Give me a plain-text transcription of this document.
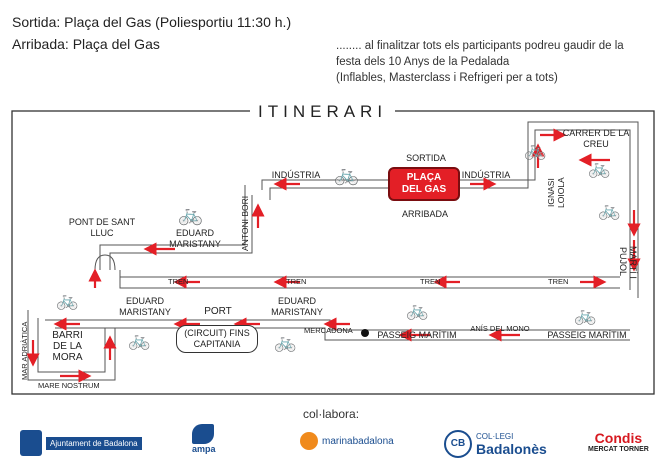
Sortida: Plaça del Gas (Poliesportiu 11:30 h.)
Arribada: Plaça del Gas	........ al finalitzar tots els participants podreu gaudir de la
festa dels 10 Anys de la Pedalada
(Inflables, Masterclass i Refrigeri per a tots)
ITINERARI
SORTIDA
PLAÇA DEL GAS
ARRIBADA
INDÚSTRIA	INDÚSTRIA
ANTONI BORI
EDUARD MARISTANY
PONT DE SANT LLUC
CARRER DE LA CREU
IGNASI LOIOLA
MARTÍ I PUJOL
TREN	TREN	TREN	TREN
EDUARD MARISTANY	PORT
EDUARD MARISTANY
(CIRCUIT) FINS CAPITANIA
MERCADONA	PASSEIG MARÍTIM
ANÍS DEL MONO
PASSEIG MARÍTIM
BARRI DE LA MORA
MAR ADRIÀTICA
MARE NOSTRUM
🚲
🚲
🚲
🚲
🚲
🚲
🚲	🚲
🚲	🚲
col·labora:
Ajuntament de Badalona
ampa
marinabadalona	CB
COL·LEGI
Badalonès
Condis
MERCAT TORNER
